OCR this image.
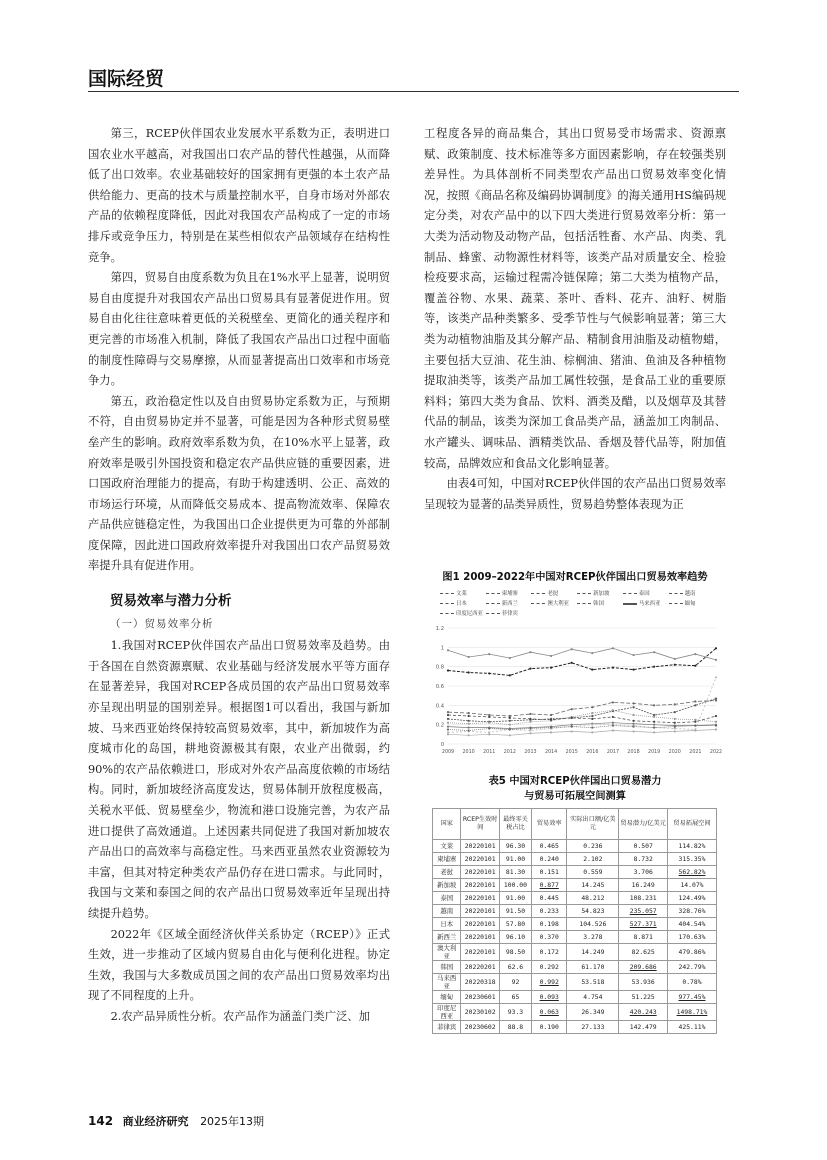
国际经贸

第三，RCEP伙伴国农业发展水平系数为正，表明进口国农业水平越高，对我国出口农产品的替代性越强，从而降低了出口效率。农业基础较好的国家拥有更强的本土农产品供给能力、更高的技术与质量控制水平，自身市场对外部农产品的依赖程度降低，因此对我国农产品构成了一定的市场排斥或竞争压力，特别是在某些相似农产品领域存在结构性竞争。

第四，贸易自由度系数为负且在1%水平上显著，说明贸易自由度提升对我国农产品出口贸易具有显著促进作用。贸易自由化往往意味着更低的关税壁垒、更简化的通关程序和更完善的市场准入机制，降低了我国农产品出口过程中面临的制度性障碍与交易摩擦，从而显著提高出口效率和市场竞争力。

第五，政治稳定性以及自由贸易协定系数为正，与预期不符，自由贸易协定并不显著，可能是因为各种形式贸易壁垒产生的影响。政府效率系数为负，在10%水平上显著，政府效率是吸引外国投资和稳定农产品供应链的重要因素，进口国政府治理能力的提高，有助于构建透明、公正、高效的市场运行环境，从而降低交易成本、提高物流效率、保障农产品供应链稳定性，为我国出口企业提供更为可靠的外部制度保障，因此进口国政府效率提升对我国出口农产品贸易效率提升具有促进作用。

贸易效率与潜力分析
（一）贸易效率分析

1.我国对RCEP伙伴国农产品出口贸易效率及趋势。由于各国在自然资源禀赋、农业基础与经济发展水平等方面存在显著差异，我国对RCEP各成员国的农产品出口贸易效率亦呈现出明显的国别差异。根据图1可以看出，我国与新加坡、马来西亚始终保持较高贸易效率，其中，新加坡作为高度城市化的岛国，耕地资源极其有限，农业产出微弱，约90%的农产品依赖进口，形成对外农产品高度依赖的市场结构。同时，新加坡经济高度发达，贸易体制开放程度极高，关税水平低、贸易壁垒少，物流和港口设施完善，为农产品进口提供了高效通道。上述因素共同促进了我国对新加坡农产品出口的高效率与高稳定性。马来西亚虽然农业资源较为丰富，但其对特定种类农产品仍存在进口需求。与此同时，我国与文莱和泰国之间的农产品出口贸易效率近年呈现出持续提升趋势。

2022年《区域全面经济伙伴关系协定（RCEP）》正式生效，进一步推动了区域内贸易自由化与便利化进程。协定生效，我国与大多数成员国之间的农产品出口贸易效率均出现了不同程度的上升。

2.农产品异质性分析。农产品作为涵盖门类广泛、加

工程度各异的商品集合，其出口贸易受市场需求、资源禀赋、政策制度、技术标准等多方面因素影响，存在较强类别差异性。为具体剖析不同类型农产品出口贸易效率变化情况，按照《商品名称及编码协调制度》的海关通用HS编码规定分类，对农产品中的以下四大类进行贸易效率分析：第一大类为活动物及动物产品，包括活牲畜、水产品、肉类、乳制品、蜂蜜、动物源性材料等，该类产品对质量安全、检验检疫要求高，运输过程需冷链保障；第二大类为植物产品，覆盖谷物、水果、蔬菜、茶叶、香料、花卉、油籽、树脂等，该类产品种类繁多、受季节性与气候影响显著；第三大类为动植物油脂及其分解产品、精制食用油脂及动植物蜡，主要包括大豆油、花生油、棕榈油、猪油、鱼油及各种植物提取油类等，该类产品加工属性较强，是食品工业的重要原料料；第四大类为食品、饮料、酒类及醋，以及烟草及其替代品的制品，该类为深加工食品类产品，涵盖加工肉制品、水产罐头、调味品、酒精类饮品、香烟及替代品等，附加值较高，品牌效应和食品文化影响显著。

由表4可知，中国对RCEP伙伴国的农产品出口贸易效率呈现较为显著的品类异质性，贸易趋势整体表现为正

图1 2009–2022年中国对RCEP伙伴国出口贸易效率趋势
文莱	柬埔寨	老挝	新加坡	泰国	越南 日本	新西兰	澳大利亚	韩国	马来西亚	缅甸 印度尼西亚	菲律宾
1.2
1
0.8
0.6
0.4
0.2
0
2009 2010 2011 2012 2013 2014 2015 2016 2017 2018 2019 2020 2021 2022
表5 中国对RCEP伙伴国出口贸易潜力
与贸易可拓展空间测算
国家	RCEP生效时间	最终零关税占比	贸易效率	实际出口额/亿美元	贸易潜力/亿美元	贸易拓展空间
文莱	20220101	96.30	0.465	0.236	0.507	114.82%
柬埔寨	20220101	91.00	0.240	2.102	8.732	315.35%
老挝	20220101	81.30	0.151	0.559	3.706	562.82%
新加坡	20220101	100.00	0.877	14.245	16.249	14.07%
泰国	20220101	91.00	0.445	48.212	108.231	124.49%
越南	20220101	91.50	0.233	54.823	235.057	328.76%
日本	20220101	57.80	0.198	104.526	527.371	404.54%
新西兰	20220101	96.10	0.370	3.278	8.871	170.63%
澳大利亚	20220101	98.50	0.172	14.249	82.625	479.86%
韩国	20220201	62.6	0.292	61.170	209.686	242.79%
马来西亚	20220318	92	0.992	53.518	53.936	0.78%
缅甸	20230601	65	0.093	4.754	51.225	977.45%
印度尼西亚	20230102	93.3	0.063	26.349	420.243	1498.71%
菲律宾	20230602	88.8	0.190	27.133	142.479	425.11%
142 商业经济研究 2025年13期
